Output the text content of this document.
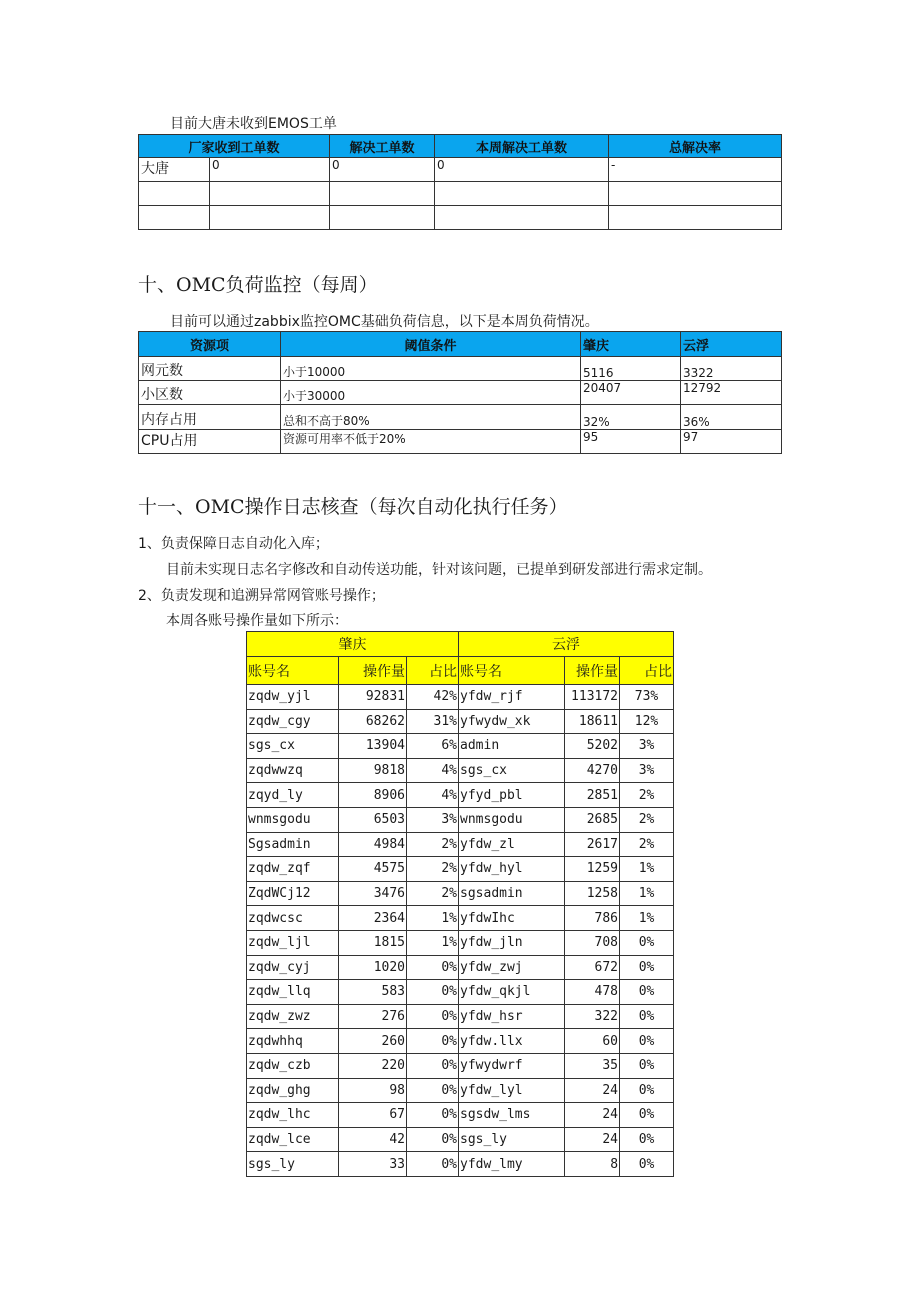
目前大唐未收到EMOS工单
厂家收到工单数		解决工单数	本周解决工单数	总解决率
大唐	0	0	0	-

十、OMC负荷监控（每周）
目前可以通过zabbix监控OMC基础负荷信息，以下是本周负荷情况。
资源项	阈值条件	肇庆	云浮
网元数	小于10000	5116	3322
小区数	小于30000	20407	12792
内存占用	总和不高于80%	32%	36%
CPU占用	资源可用率不低于20%	95	97
十一、OMC操作日志核查（每次自动化执行任务）
1、负责保障日志自动化入库；
目前未实现日志名字修改和自动传送功能，针对该问题，已提单到研发部进行需求定制。
2、负责发现和追溯异常网管账号操作；
本周各账号操作量如下所示：
肇庆			云浮		
账号名	操作量	占比	账号名	操作量	占比
zqdw_yjl	92831	42%	yfdw_rjf	113172	73%
zqdw_cgy	68262	31%	yfwydw_xk	18611	12%
sgs_cx	13904	6%	admin	5202	3%
zqdwwzq	9818	4%	sgs_cx	4270	3%
zqyd_ly	8906	4%	yfyd_pbl	2851	2%
wnmsgodu	6503	3%	wnmsgodu	2685	2%
Sgsadmin	4984	2%	yfdw_zl	2617	2%
zqdw_zqf	4575	2%	yfdw_hyl	1259	1%
ZqdWCj12	3476	2%	sgsadmin	1258	1%
zqdwcsc	2364	1%	yfdwIhc	786	1%
zqdw_ljl	1815	1%	yfdw_jln	708	0%
zqdw_cyj	1020	0%	yfdw_zwj	672	0%
zqdw_llq	583	0%	yfdw_qkjl	478	0%
zqdw_zwz	276	0%	yfdw_hsr	322	0%
zqdwhhq	260	0%	yfdw.llx	60	0%
zqdw_czb	220	0%	yfwydwrf	35	0%
zqdw_ghg	98	0%	yfdw_lyl	24	0%
zqdw_lhc	67	0%	sgsdw_lms	24	0%
zqdw_lce	42	0%	sgs_ly	24	0%
sgs_ly	33	0%	yfdw_lmy	8	0%
